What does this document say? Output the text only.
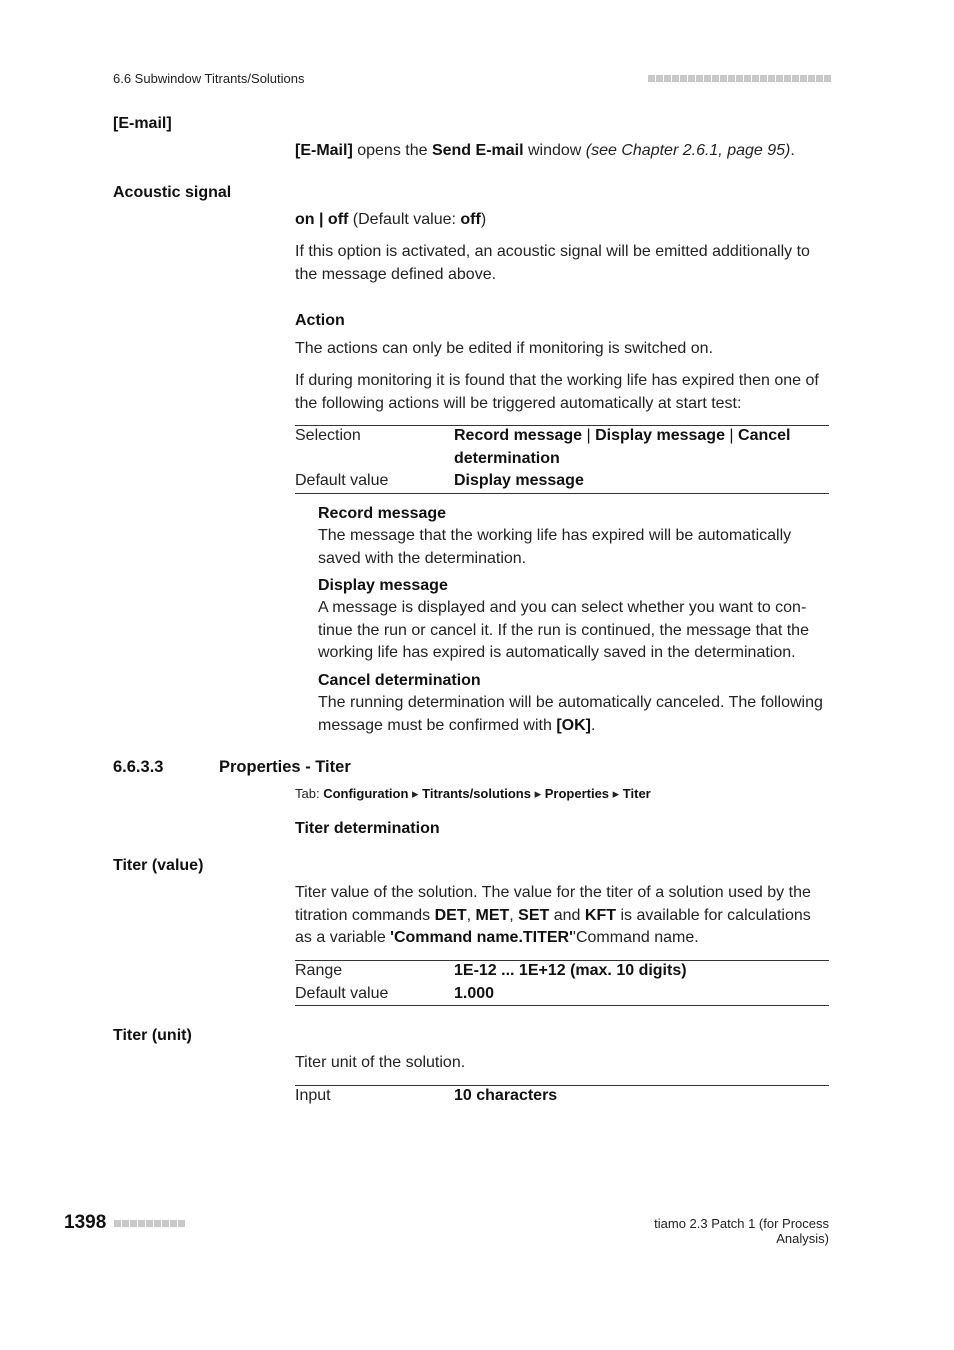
6.6 Subwindow Titrants/Solutions
[E-mail]
[E-Mail] opens the Send E-mail window (see Chapter 2.6.1, page 95).
Acoustic signal
on | off (Default value: off)
If this option is activated, an acoustic signal will be emitted additionally to the message defined above.
Action
The actions can only be edited if monitoring is switched on.
If during monitoring it is found that the working life has expired then one of the following actions will be triggered automatically at start test:
Selection	Record message | Display message | Cancel determination
Default value	Display message
Record message
The message that the working life has expired will be automatically saved with the determination.
Display message
A message is displayed and you can select whether you want to continue the run or cancel it. If the run is continued, the message that the working life has expired is automatically saved in the determination.
Cancel determination
The running determination will be automatically canceled. The following message must be confirmed with [OK].
6.6.3.3	Properties - Titer
Tab: Configuration ▸ Titrants/solutions ▸ Properties ▸ Titer
Titer determination
Titer (value)
Titer value of the solution. The value for the titer of a solution used by the titration commands DET, MET, SET and KFT is available for calculations as a variable 'Command name.TITER''Command name.
Range	1E-12 ... 1E+12 (max. 10 digits)
Default value	1.000
Titer (unit)
Titer unit of the solution.
Input	10 characters
1398	tiamo 2.3 Patch 1 (for Process Analysis)
